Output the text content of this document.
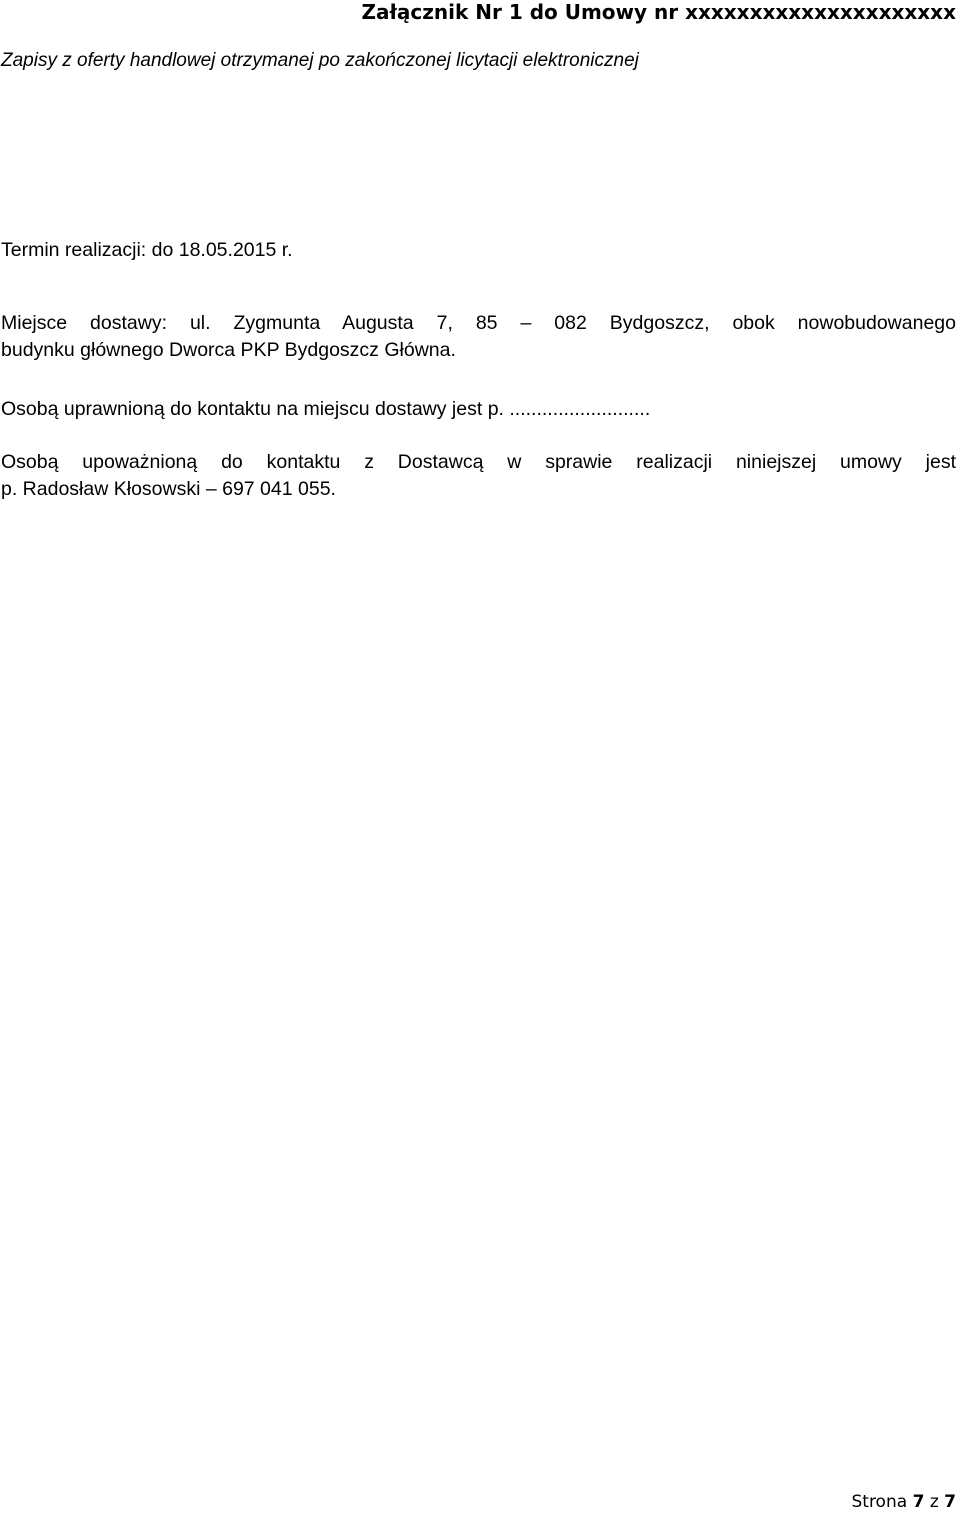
Załącznik Nr 1 do Umowy nr xxxxxxxxxxxxxxxxxxxxx
Zapisy z oferty handlowej otrzymanej po zakończonej licytacji elektronicznej
Termin realizacji: do 18.05.2015 r.
Miejsce dostawy: ul. Zygmunta Augusta 7, 85 – 082 Bydgoszcz, obok nowobudowanego
budynku głównego Dworca PKP Bydgoszcz Główna.
Osobą uprawnioną do kontaktu na miejscu dostawy jest p. ..........................
Osobą upoważnioną do kontaktu z Dostawcą w sprawie realizacji niniejszej umowy jest
p. Radosław Kłosowski – 697 041 055.
Strona 7 z 7
